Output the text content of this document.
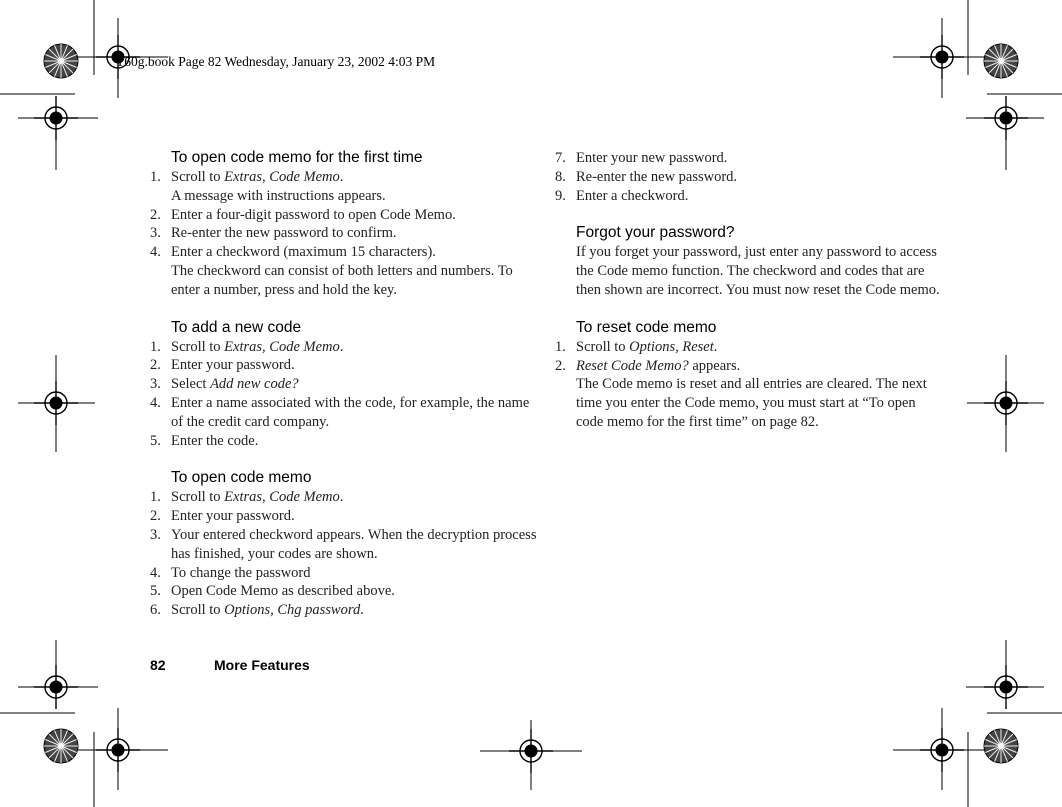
T60g.book Page 82 Wednesday, January 23, 2002 4:03 PM
To open code memo for the first time
1. Scroll to Extras, Code Memo.
A message with instructions appears.
2. Enter a four-digit password to open Code Memo.
3. Re-enter the new password to confirm.
4. Enter a checkword (maximum 15 characters).
The checkword can consist of both letters and numbers. To enter a number, press and hold the key.
To add a new code
1. Scroll to Extras, Code Memo.
2. Enter your password.
3. Select Add new code?
4. Enter a name associated with the code, for example, the name of the credit card company.
5. Enter the code.
To open code memo
1. Scroll to Extras, Code Memo.
2. Enter your password.
3. Your entered checkword appears. When the decryption process has finished, your codes are shown.
4. To change the password
5. Open Code Memo as described above.
6. Scroll to Options, Chg password.
7. Enter your new password.
8. Re-enter the new password.
9. Enter a checkword.
Forgot your password?
If you forget your password, just enter any password to access the Code memo function. The checkword and codes that are then shown are incorrect. You must now reset the Code memo.
To reset code memo
1. Scroll to Options, Reset.
2. Reset Code Memo? appears.
The Code memo is reset and all entries are cleared. The next time you enter the Code memo, you must start at “To open code memo for the first time” on page 82.
82	More Features
